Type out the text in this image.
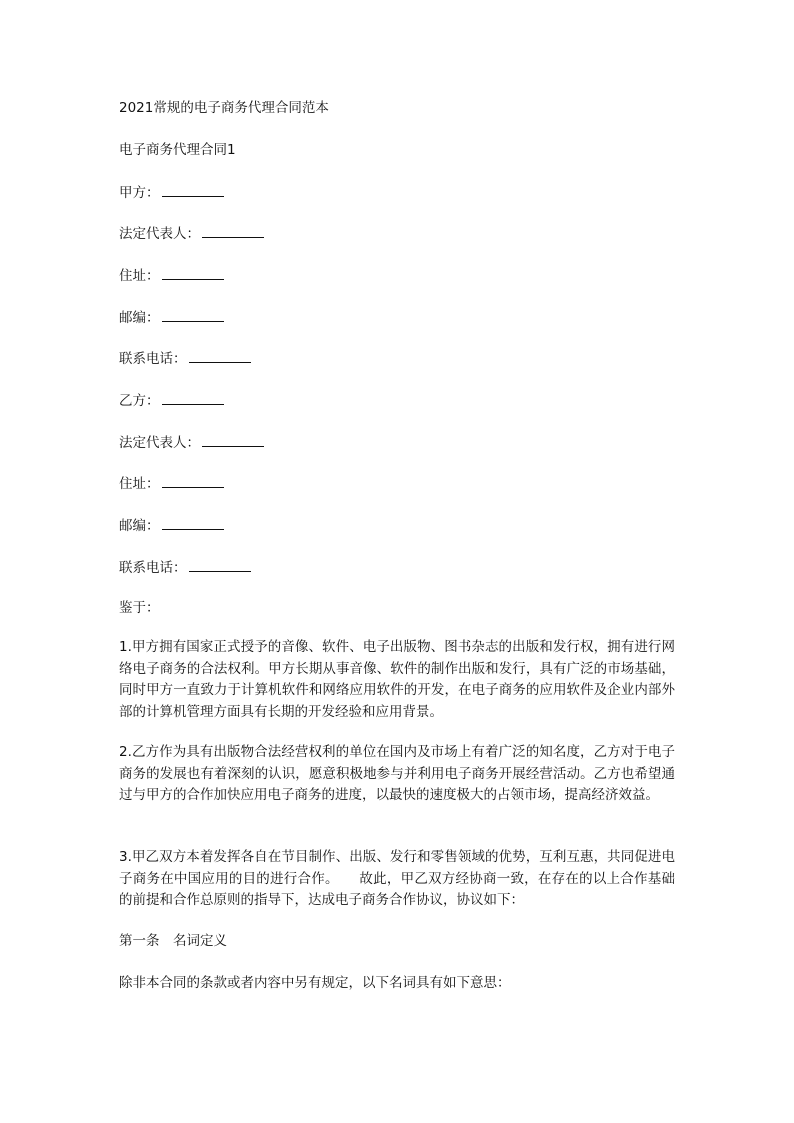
2021常规的电子商务代理合同范本
电子商务代理合同1
甲方：
法定代表人：
住址：
邮编：
联系电话：
乙方：
法定代表人：
住址：
邮编：
联系电话：
鉴于：

1.甲方拥有国家正式授予的音像、软件、电子出版物、图书杂志的出版和发行权，拥有进行网络电子商务的合法权利。甲方长期从事音像、软件的制作出版和发行，具有广泛的市场基础，同时甲方一直致力于计算机软件和网络应用软件的开发，在电子商务的应用软件及企业内部外部的计算机管理方面具有长期的开发经验和应用背景。

2.乙方作为具有出版物合法经营权利的单位在国内及市场上有着广泛的知名度，乙方对于电子商务的发展也有着深刻的认识，愿意积极地参与并利用电子商务开展经营活动。乙方也希望通过与甲方的合作加快应用电子商务的进度，以最快的速度极大的占领市场，提高经济效益。

3.甲乙双方本着发挥各自在节目制作、出版、发行和零售领域的优势，互利互惠，共同促进电子商务在中国应用的目的进行合作。　　故此，甲乙双方经协商一致，在存在的以上合作基础的前提和合作总原则的指导下，达成电子商务合作协议，协议如下：

第一条　名词定义
除非本合同的条款或者内容中另有规定，以下名词具有如下意思：
